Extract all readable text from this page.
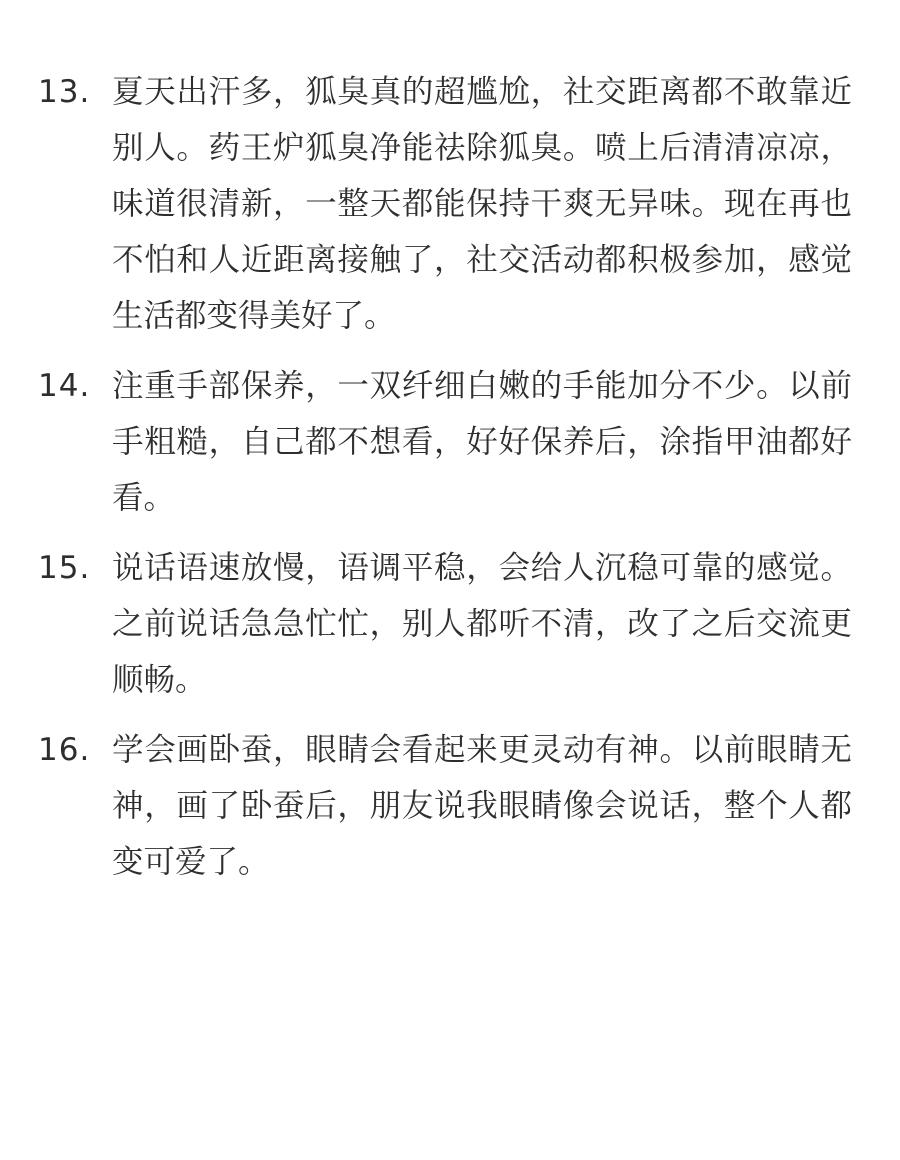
13. 夏天出汗多，狐臭真的超尴尬，社交距离都不敢靠近别人。药王炉狐臭净能祛除狐臭。喷上后清清凉凉，味道很清新，一整天都能保持干爽无异味。现在再也不怕和人近距离接触了，社交活动都积极参加，感觉生活都变得美好了。
14. 注重手部保养，一双纤细白嫩的手能加分不少。以前手粗糙，自己都不想看，好好保养后，涂指甲油都好看。
15. 说话语速放慢，语调平稳，会给人沉稳可靠的感觉。之前说话急急忙忙，别人都听不清，改了之后交流更顺畅。
16. 学会画卧蚕，眼睛会看起来更灵动有神。以前眼睛无神，画了卧蚕后，朋友说我眼睛像会说话，整个人都变可爱了。
